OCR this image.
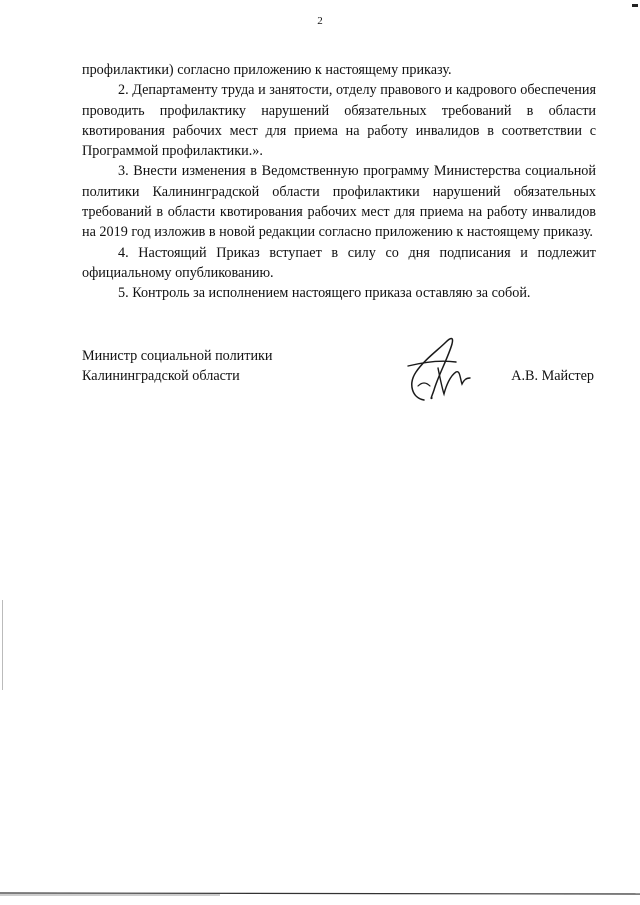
2

профилактики) согласно приложению к настоящему приказу.

2. Департаменту труда и занятости, отделу правового и кадрового обеспечения проводить профилактику нарушений обязательных требований в области квотирования рабочих мест для приема на работу инвалидов в соответствии с Программой профилактики.».

3. Внести изменения в Ведомственную программу Министерства социальной политики Калининградской области профилактики нарушений обязательных требований в области квотирования рабочих мест для приема на работу инвалидов на 2019 год изложив в новой редакции согласно приложению к настоящему приказу.

4. Настоящий Приказ вступает в силу со дня подписания и подлежит официальному опубликованию.

5. Контроль за исполнением настоящего приказа оставляю за собой.

Министр социальной политики
Калининградской области	А.В. Майстер
